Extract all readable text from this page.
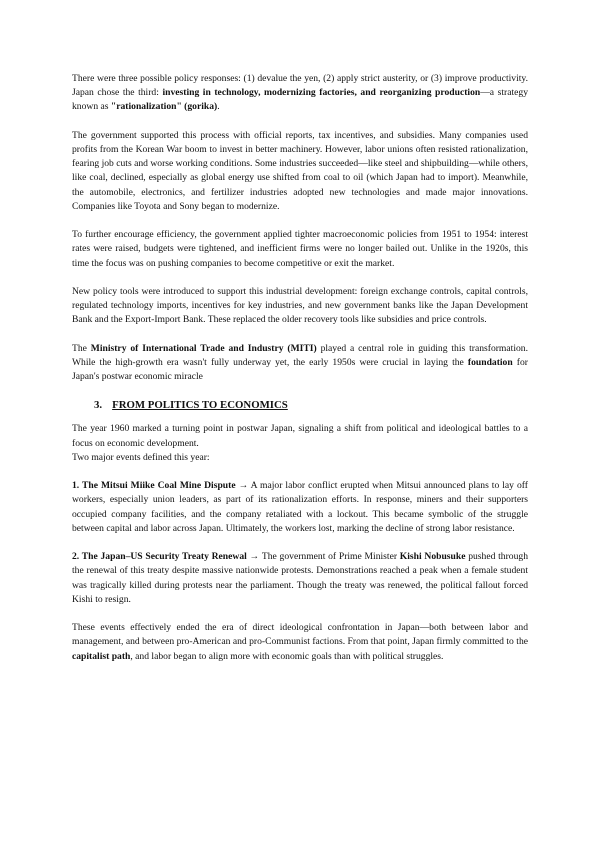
There were three possible policy responses: (1) devalue the yen, (2) apply strict austerity, or (3) improve productivity. Japan chose the third: investing in technology, modernizing factories, and reorganizing production—a strategy known as "rationalization" (gorika).

The government supported this process with official reports, tax incentives, and subsidies. Many companies used profits from the Korean War boom to invest in better machinery. However, labor unions often resisted rationalization, fearing job cuts and worse working conditions. Some industries succeeded—like steel and shipbuilding—while others, like coal, declined, especially as global energy use shifted from coal to oil (which Japan had to import). Meanwhile, the automobile, electronics, and fertilizer industries adopted new technologies and made major innovations. Companies like Toyota and Sony began to modernize.

To further encourage efficiency, the government applied tighter macroeconomic policies from 1951 to 1954: interest rates were raised, budgets were tightened, and inefficient firms were no longer bailed out. Unlike in the 1920s, this time the focus was on pushing companies to become competitive or exit the market.

New policy tools were introduced to support this industrial development: foreign exchange controls, capital controls, regulated technology imports, incentives for key industries, and new government banks like the Japan Development Bank and the Export-Import Bank. These replaced the older recovery tools like subsidies and price controls.

The Ministry of International Trade and Industry (MITI) played a central role in guiding this transformation. While the high-growth era wasn't fully underway yet, the early 1950s were crucial in laying the foundation for Japan's postwar economic miracle

3. FROM POLITICS TO ECONOMICS

The year 1960 marked a turning point in postwar Japan, signaling a shift from political and ideological battles to a focus on economic development.
Two major events defined this year:

1. The Mitsui Miike Coal Mine Dispute → A major labor conflict erupted when Mitsui announced plans to lay off workers, especially union leaders, as part of its rationalization efforts. In response, miners and their supporters occupied company facilities, and the company retaliated with a lockout. This became symbolic of the struggle between capital and labor across Japan. Ultimately, the workers lost, marking the decline of strong labor resistance.

2. The Japan–US Security Treaty Renewal → The government of Prime Minister Kishi Nobusuke pushed through the renewal of this treaty despite massive nationwide protests. Demonstrations reached a peak when a female student was tragically killed during protests near the parliament. Though the treaty was renewed, the political fallout forced Kishi to resign.

These events effectively ended the era of direct ideological confrontation in Japan—both between labor and management, and between pro-American and pro-Communist factions. From that point, Japan firmly committed to the capitalist path, and labor began to align more with economic goals than with political struggles.
